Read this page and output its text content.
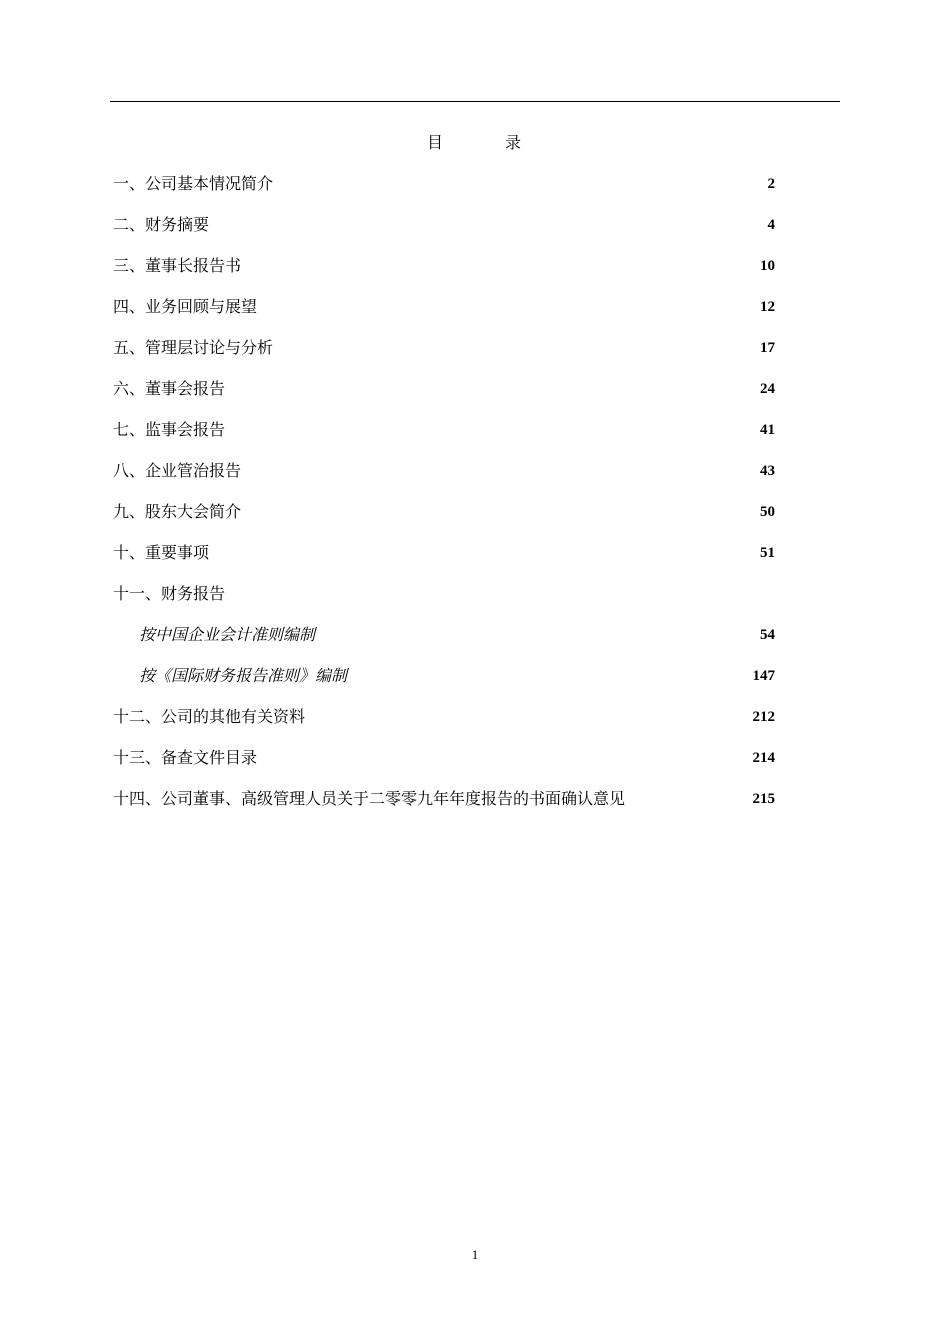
目	录
一、公司基本情况简介	2
二、财务摘要	4
三、董事长报告书	10
四、业务回顾与展望	12
五、管理层讨论与分析	17
六、董事会报告	24
七、监事会报告	41
八、企业管治报告	43
九、股东大会简介	50
十、重要事项	51
十一、财务报告
按中国企业会计准则编制	54
按《国际财务报告准则》编制	147
十二、公司的其他有关资料	212
十三、备查文件目录	214
十四、公司董事、高级管理人员关于二零零九年年度报告的书面确认意见	215
1
